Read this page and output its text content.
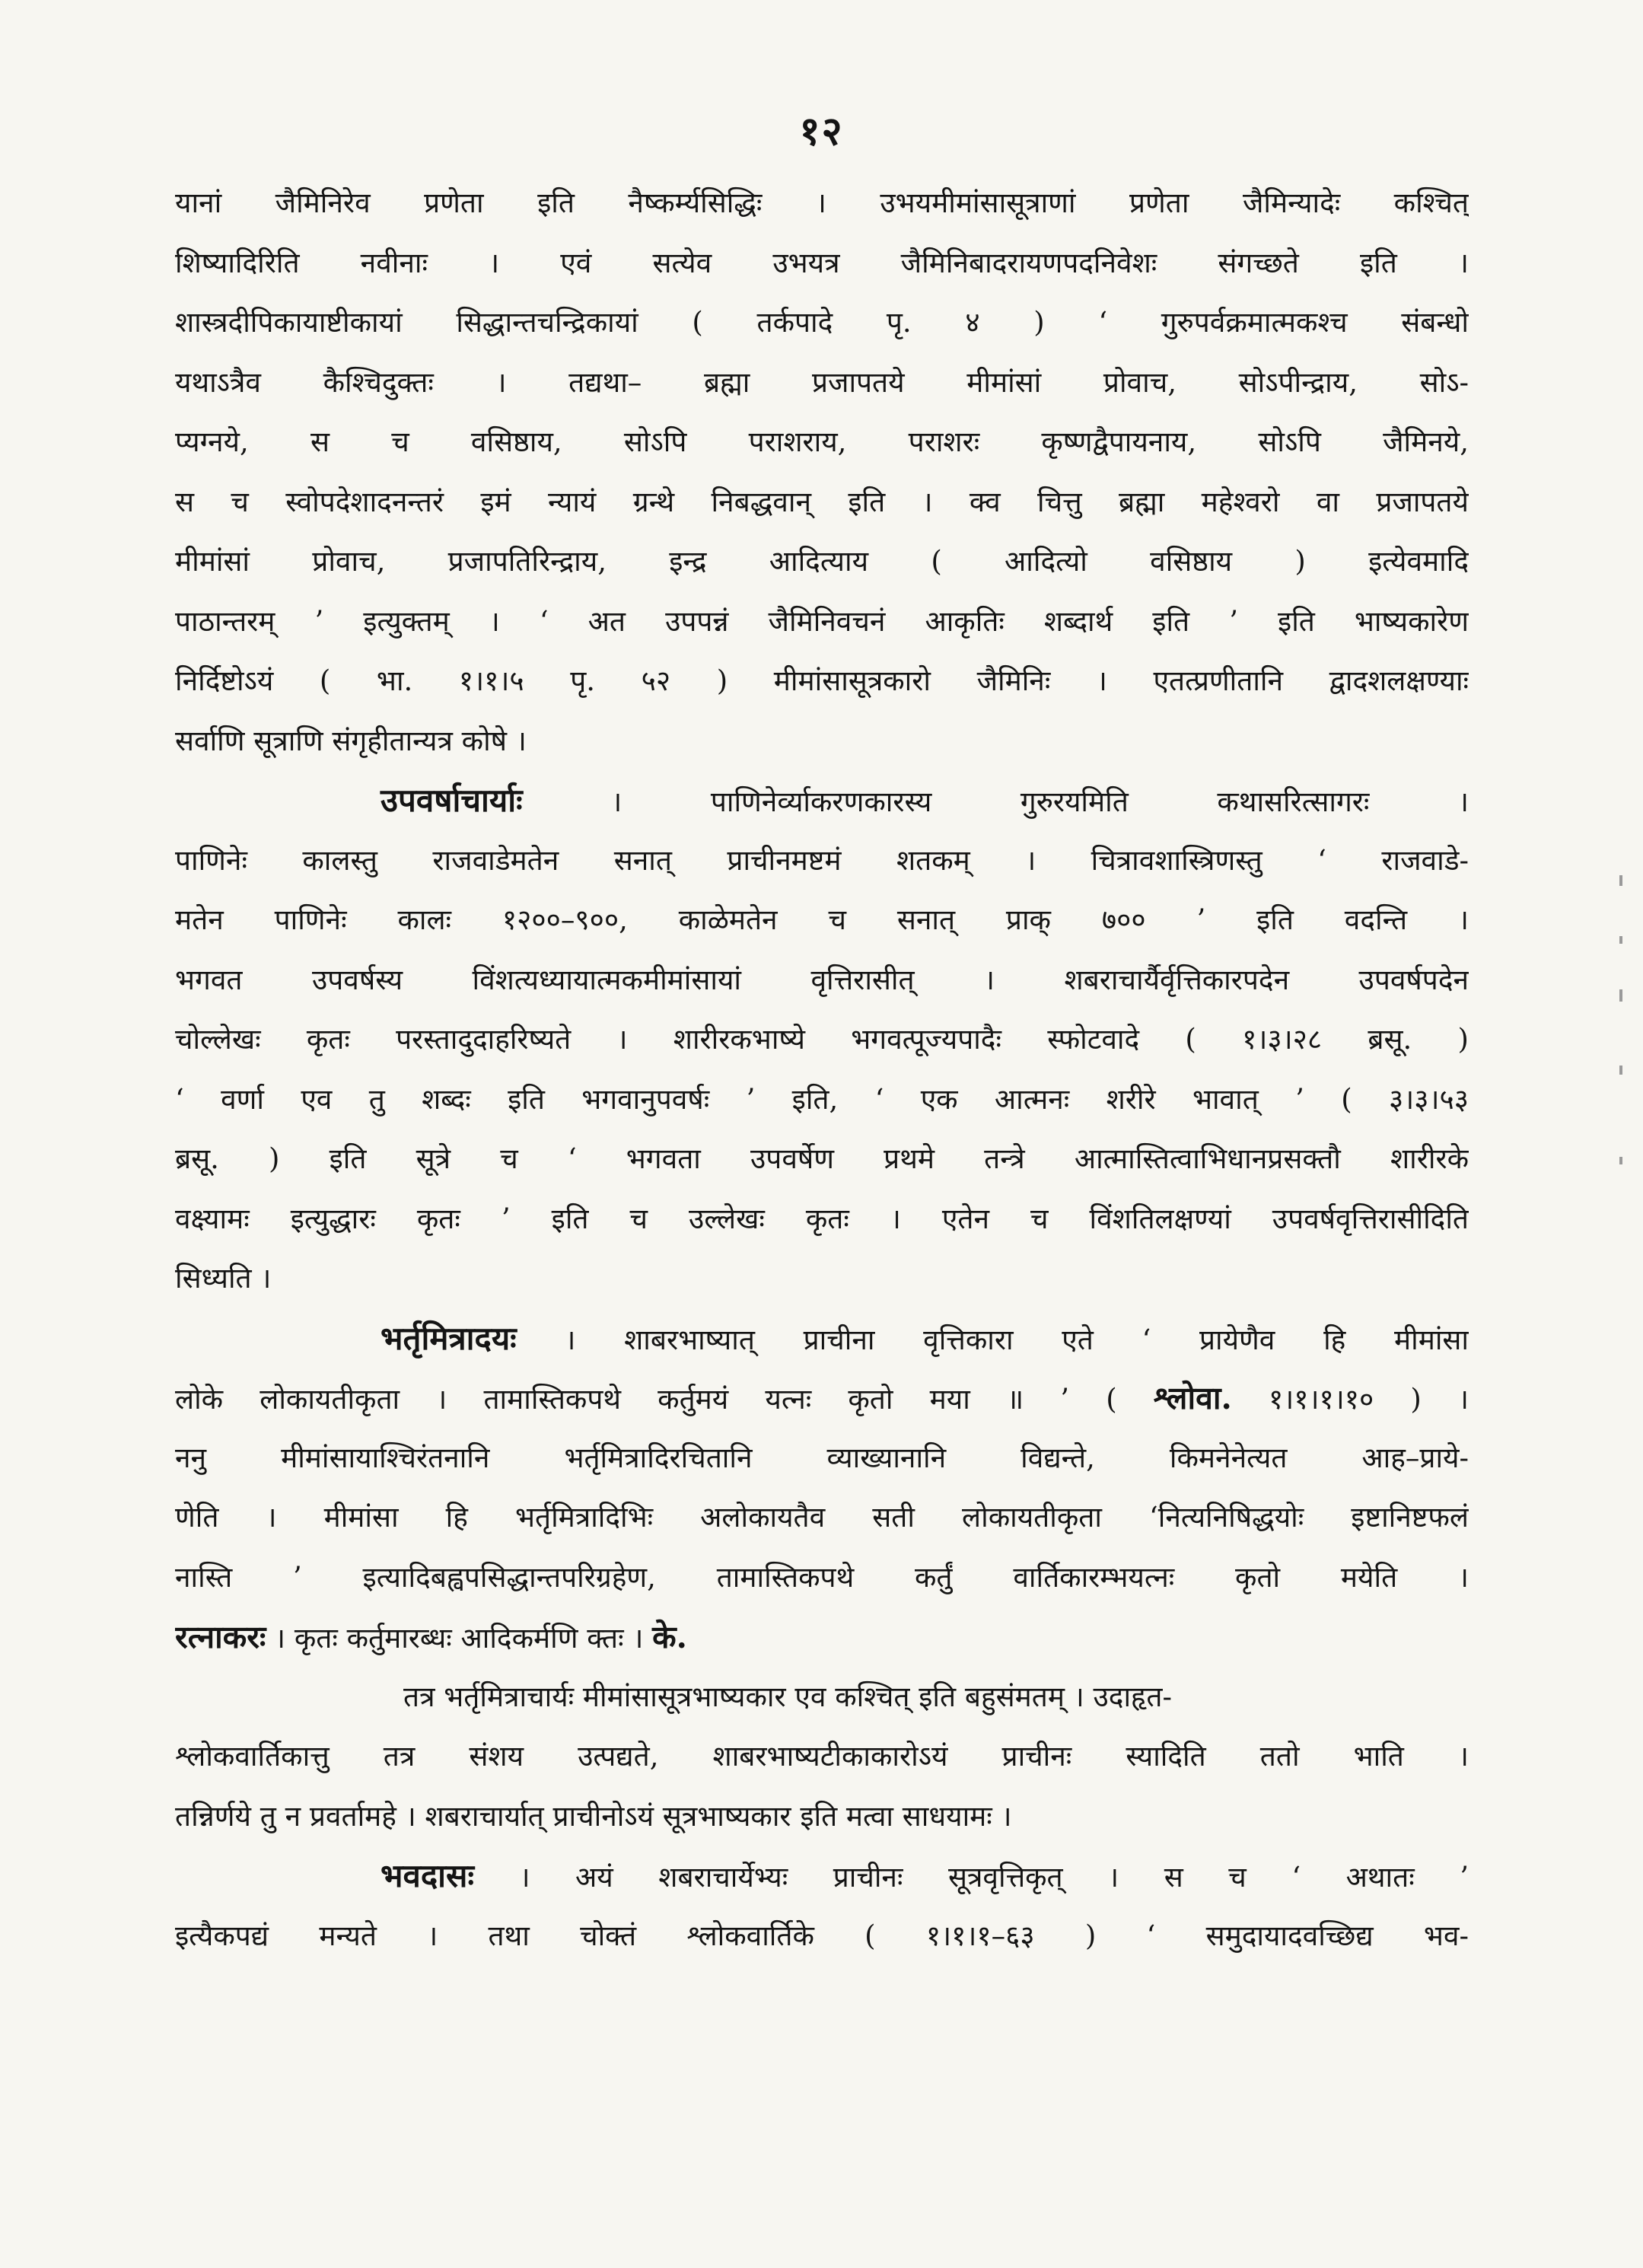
१२
यानां जैमिनिरेव प्रणेता इति नैष्कर्म्यसिद्धिः । उभयमीमांसासूत्राणां प्रणेता जैमिन्यादेः कश्चित्
शिष्यादिरिति नवीनाः । एवं सत्येव उभयत्र जैमिनिबादरायणपदनिवेशः संगच्छते इति ।
शास्त्रदीपिकायाष्टीकायां सिद्धान्तचन्द्रिकायां ( तर्कपादे पृ. ४ ) ‘ गुरुपर्वक्रमात्मकश्च संबन्धो
यथाऽत्रैव कैश्चिदुक्तः । तद्यथा– ब्रह्मा प्रजापतये मीमांसां प्रोवाच, सोऽपीन्द्राय, सोऽ-
प्यग्नये, स च वसिष्ठाय, सोऽपि पराशराय, पराशरः कृष्णद्वैपायनाय, सोऽपि जैमिनये,
स च स्वोपदेशादनन्तरं इमं न्यायं ग्रन्थे निबद्धवान् इति । क्व चित्तु ब्रह्मा महेश्वरो वा प्रजापतये
मीमांसां प्रोवाच, प्रजापतिरिन्द्राय, इन्द्र आदित्याय ( आदित्यो वसिष्ठाय ) इत्येवमादि
पाठान्तरम् ’ इत्युक्तम् । ‘ अत उपपन्नं जैमिनिवचनं आकृतिः शब्दार्थ इति ’ इति भाष्यकारेण
निर्दिष्टोऽयं ( भा. १।१।५ पृ. ५२ ) मीमांसासूत्रकारो जैमिनिः । एतत्प्रणीतानि द्वादशलक्षण्याः
सर्वाणि सूत्राणि संगृहीतान्यत्र कोषे ।
उपवर्षाचार्याः । पाणिनेर्व्याकरणकारस्य गुरुरयमिति कथासरित्सागरः ।
पाणिनेः कालस्तु राजवाडेमतेन सनात् प्राचीनमष्टमं शतकम् । चित्रावशास्त्रिणस्तु ‘ राजवाडे-
मतेन पाणिनेः कालः १२००–९००, काळेमतेन च सनात् प्राक् ७०० ’ इति वदन्ति ।
भगवत उपवर्षस्य विंशत्यध्यायात्मकमीमांसायां वृत्तिरासीत् । शबराचार्यैर्वृत्तिकारपदेन उपवर्षपदेन
चोल्लेखः कृतः परस्तादुदाहरिष्यते । शारीरकभाष्ये भगवत्पूज्यपादैः स्फोटवादे ( १।३।२८ ब्रसू. )
‘ वर्णा एव तु शब्दः इति भगवानुपवर्षः ’ इति, ‘ एक आत्मनः शरीरे भावात् ’ ( ३।३।५३
ब्रसू. ) इति सूत्रे च ‘ भगवता उपवर्षेण प्रथमे तन्त्रे आत्मास्तित्वाभिधानप्रसक्तौ शारीरके
वक्ष्यामः इत्युद्धारः कृतः ’ इति च उल्लेखः कृतः । एतेन च विंशतिलक्षण्यां उपवर्षवृत्तिरासीदिति
सिध्यति ।
भर्तृमित्रादयः । शाबरभाष्यात् प्राचीना वृत्तिकारा एते ‘ प्रायेणैव हि मीमांसा
लोके लोकायतीकृता । तामास्तिकपथे कर्तुमयं यत्नः कृतो मया ॥ ’ ( श्लोवा. १।१।१।१० ) ।
ननु मीमांसायाश्चिरंतनानि भर्तृमित्रादिरचितानि व्याख्यानानि विद्यन्ते, किमनेनेत्यत आह–प्राये-
णेति । मीमांसा हि भर्तृमित्रादिभिः अलोकायतैव सती लोकायतीकृता ‘नित्यनिषिद्धयोः इष्टानिष्टफलं
नास्ति ’ इत्यादिबह्वपसिद्धान्तपरिग्रहेण, तामास्तिकपथे कर्तुं वार्तिकारम्भयत्नः कृतो मयेति ।
रत्नाकरः । कृतः कर्तुमारब्धः आदिकर्मणि क्तः । के.
तत्र भर्तृमित्राचार्यः मीमांसासूत्रभाष्यकार एव कश्चित् इति बहुसंमतम् । उदाहृत-
श्लोकवार्तिकात्तु तत्र संशय उत्पद्यते, शाबरभाष्यटीकाकारोऽयं प्राचीनः स्यादिति ततो भाति ।
तन्निर्णये तु न प्रवर्तामहे । शबराचार्यात् प्राचीनोऽयं सूत्रभाष्यकार इति मत्वा साधयामः ।
भवदासः । अयं शबराचार्येभ्यः प्राचीनः सूत्रवृत्तिकृत् । स च ‘ अथातः ’
इत्यैकपद्यं मन्यते । तथा चोक्तं श्लोकवार्तिके ( १।१।१–६३ ) ‘ समुदायादवच्छिद्य भव-
